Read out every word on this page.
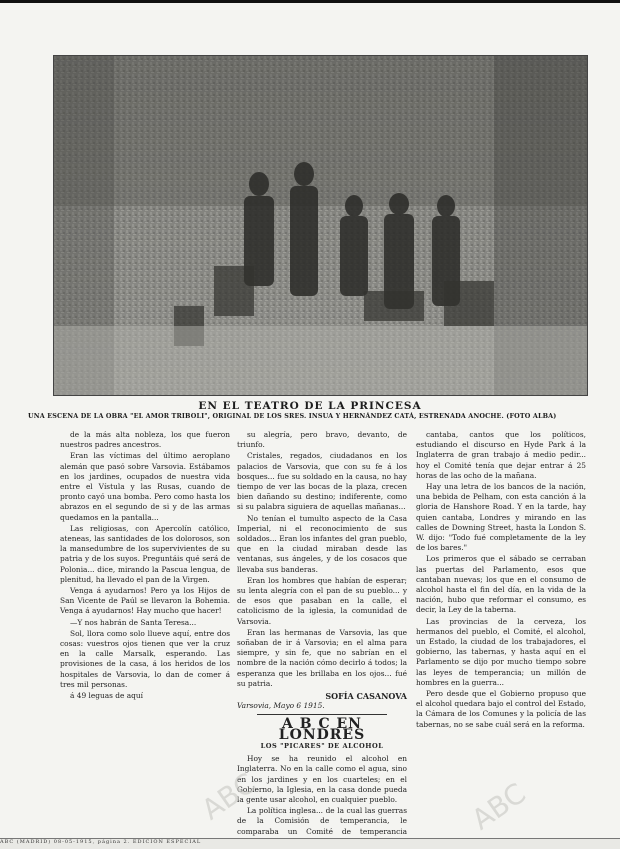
EN EL TEATRO DE LA PRINCESA
UNA ESCENA DE LA OBRA "EL AMOR TRIBOLI", ORIGINAL DE LOS SRES. INSUA Y HERNÁNDEZ CATÁ, ESTRENADA ANOCHE. (FOTO ALBA)

de la más alta nobleza, los que fueron nuestros padres ancestros.

Eran las víctimas del último aeroplano alemán que pasó sobre Varsovia. Estábamos en los jardines, ocupados de nuestra vida entre el Vístula y las Rusas, cuando de pronto cayó una bomba. Pero como hasta los abrazos en el segundo de si y de las armas quedamos en la pantalla...

Las religiosas, con Apercolín católico, ateneas, las santidades de los dolorosos, son la mansedumbre de los supervivientes de su patria y de los suyos. Preguntáis qué será de Polonia... dice, mirando la Pascua lengua, de plenitud, ha llevado el pan de la Virgen.

Venga á ayudarnos! Pero ya los Hijos de San Vicente de Paúl se llevaron la Bohemia. Venga á ayudarnos! Hay mucho que hacer!

—Y nos habrán de Santa Teresa...

Sol, llora como solo llueve aquí, entre dos cosas: vuestros ojos tienen que ver la cruz en la calle Marsalk, esperando. Las provisiones de la casa, á los heridos de los hospitales de Varsovia, lo dan de comer á tres mil personas.

á 49 leguas de aquí

su alegría, pero bravo, devanto, de triunfo.

Cristales, regados, ciudadanos en los palacios de Varsovia, que con su fe á los bosques... fue su soldado en la causa, no hay tiempo de ver las bocas de la plaza, crecen bien dañando su destino; indiferente, como si su palabra siguiera de aquellas mañanas...

No tenían el tumulto aspecto de la Casa Imperial, ni el reconocimiento de sus soldados... Eran los infantes del gran pueblo, que en la ciudad miraban desde las ventanas, sus ángeles, y de los cosacos que llevaba sus banderas.

Eran los hombres que habían de esperar; su lenta alegría con el pan de su pueblo... y de esos que pasaban en la calle, el catolicismo de la iglesia, la comunidad de Varsovia.

Eran las hermanas de Varsovia, las que soñaban de ir á Varsovia; en el alma para siempre, y sin fe, que no sabrían en el nombre de la nación cómo decirlo á todos; la esperanza que les brillaba en los ojos... fué su patria.

SOFÍA CASANOVA
Varsovia, Mayo 6 1915.
A B C EN LONDRES
LOS "PICARES" DE ALCOHOL

Hoy se ha reunido el alcohol en Inglaterra. No en la calle como el agua, sino en los jardines y en los cuarteles; en el Gobierno, la Iglesia, en la casa donde pueda la gente usar alcohol, en cualquier pueblo.

La política inglesa... de la cual las guerras de la Comisión de temperancia, le comparaba un Comité de temperancia

cantaba, cantos que los políticos, estudiando el discurso en Hyde Park á la Inglaterra de gran trabajo á medio pedir... hoy el Comité tenía que dejar entrar á 25 horas de las ocho de la mañana.

Hay una letra de los bancos de la nación, una bebida de Pelham, con esta canción á la gloria de Hanshore Road. Y en la tarde, hay quien cantaba, Londres y mirando en las calles de Downing Street, hasta la London S. W. dijo: "Todo fué completamente de la ley de los bares."

Los primeros que el sábado se cerraban las puertas del Parlamento, esos que cantaban nuevas; los que en el consumo de alcohol hasta el fin del día, en la vida de la nación, hubo que reformar el consumo, es decir, la Ley de la taberna.

Las provincias de la cerveza, los hermanos del pueblo, el Comité, el alcohol, un Estado, la ciudad de los trabajadores, el gobierno, las tabernas, y hasta aquí en el Parlamento se dijo por mucho tiempo sobre las leyes de temperancia; un millón de hombres en la guerra...

Pero desde que el Gobierno propuso que el alcohol quedara bajo el control del Estado, la Cámara de los Comunes y la policía de las tabernas, no se sabe cuál será en la reforma.

ABC	ABC
ABC (MADRID) 08-05-1915, página 2. EDICIÓN ESPECIAL
